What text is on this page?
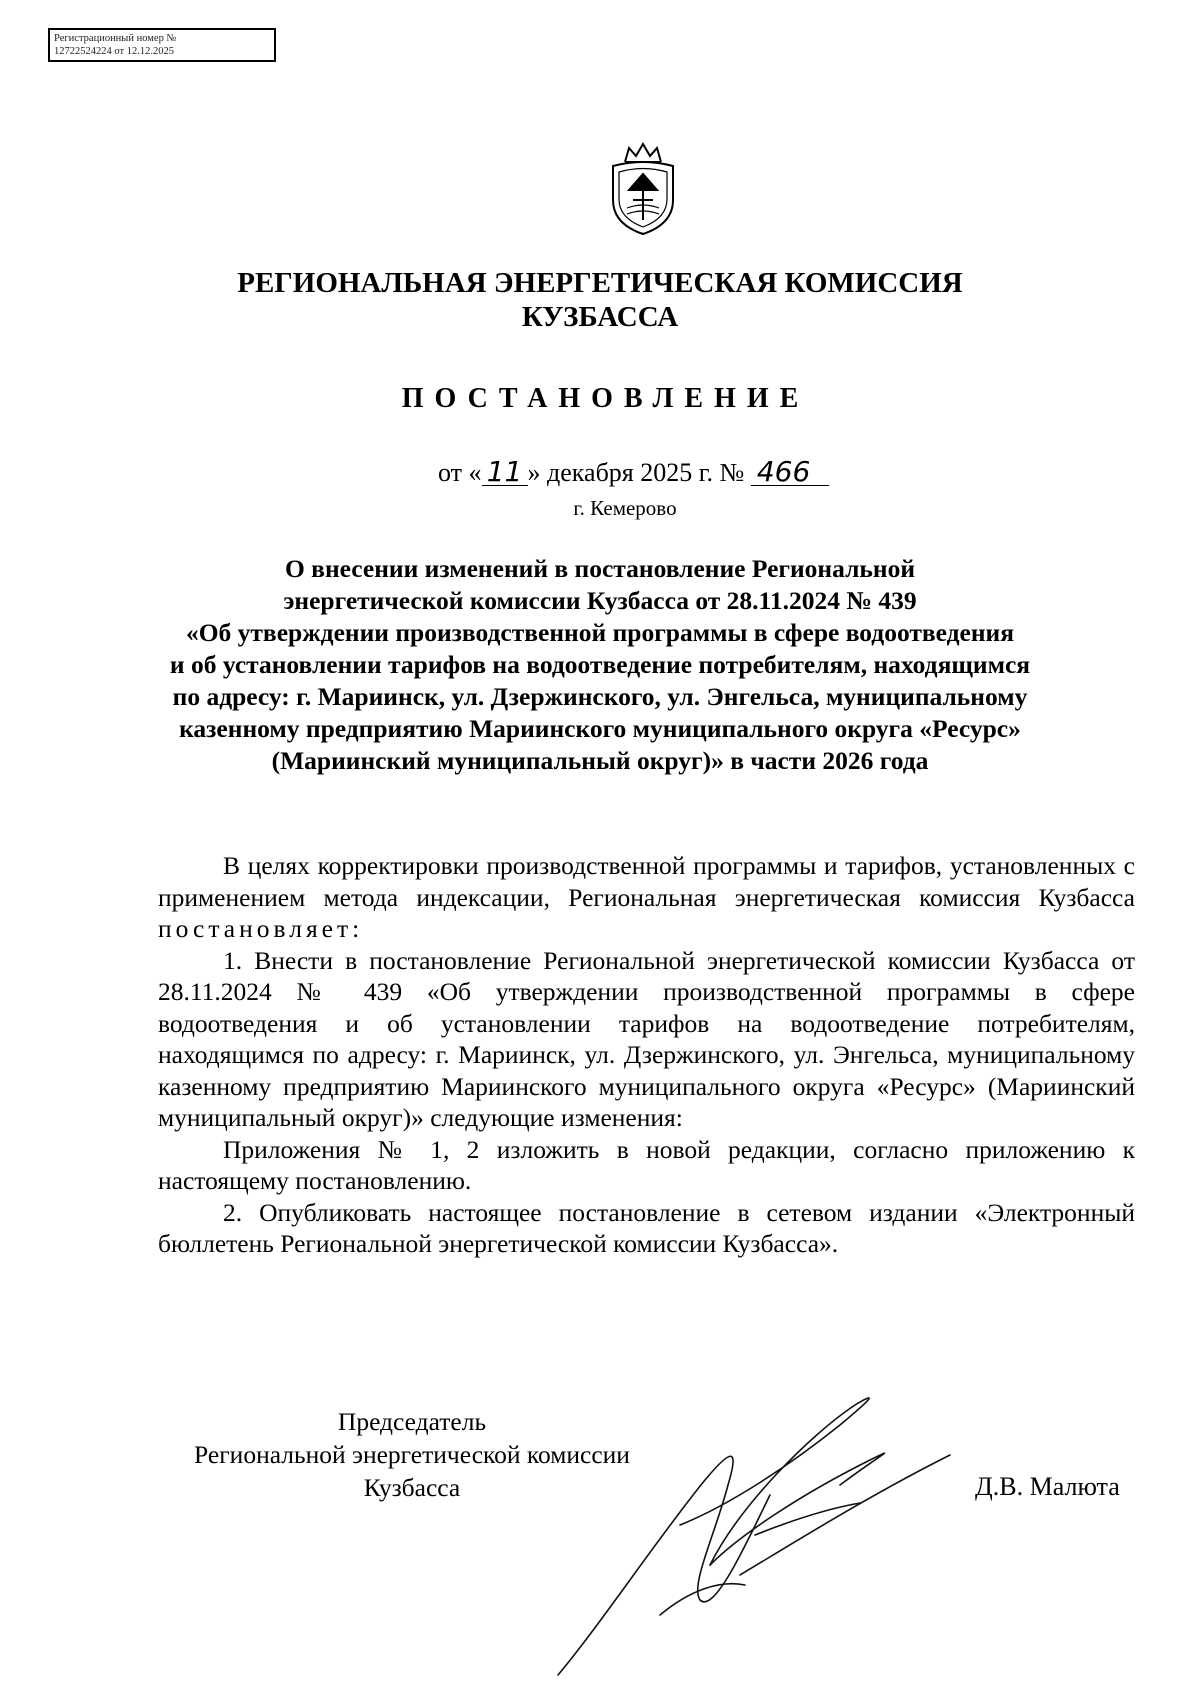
Регистрационный номер №
12722524224 от 12.12.2025
РЕГИОНАЛЬНАЯ ЭНЕРГЕТИЧЕСКАЯ КОМИССИЯ
КУЗБАССА
ПОСТАНОВЛЕНИЕ
от « 11 » декабря 2025 г. № 466
г. Кемерово
О внесении изменений в постановление Региональной
энергетической комиссии Кузбасса от 28.11.2024 № 439
«Об утверждении производственной программы в сфере водоотведения
и об установлении тарифов на водоотведение потребителям, находящимся
по адресу: г. Мариинск, ул. Дзержинского, ул. Энгельса, муниципальному
казенному предприятию Мариинского муниципального округа «Ресурс»
(Мариинский муниципальный округ)» в части 2026 года

В целях корректировки производственной программы и тарифов, установленных с применением метода индексации, Региональная энергетическая комиссия Кузбасса постановляет:

1. Внести в постановление Региональной энергетической комиссии Кузбасса от 28.11.2024 № 439 «Об утверждении производственной программы в сфере водоотведения и об установлении тарифов на водоотведение потребителям, находящимся по адресу: г. Мариинск, ул. Дзержинского, ул. Энгельса, муниципальному казенному предприятию Мариинского муниципального округа «Ресурс» (Мариинский муниципальный округ)» следующие изменения:

Приложения № 1, 2 изложить в новой редакции, согласно приложению к настоящему постановлению.

2. Опубликовать настоящее постановление в сетевом издании «Электронный бюллетень Региональной энергетической комиссии Кузбасса».

Председатель
Региональной энергетической комиссии
Кузбасса	Д.В. Малюта
